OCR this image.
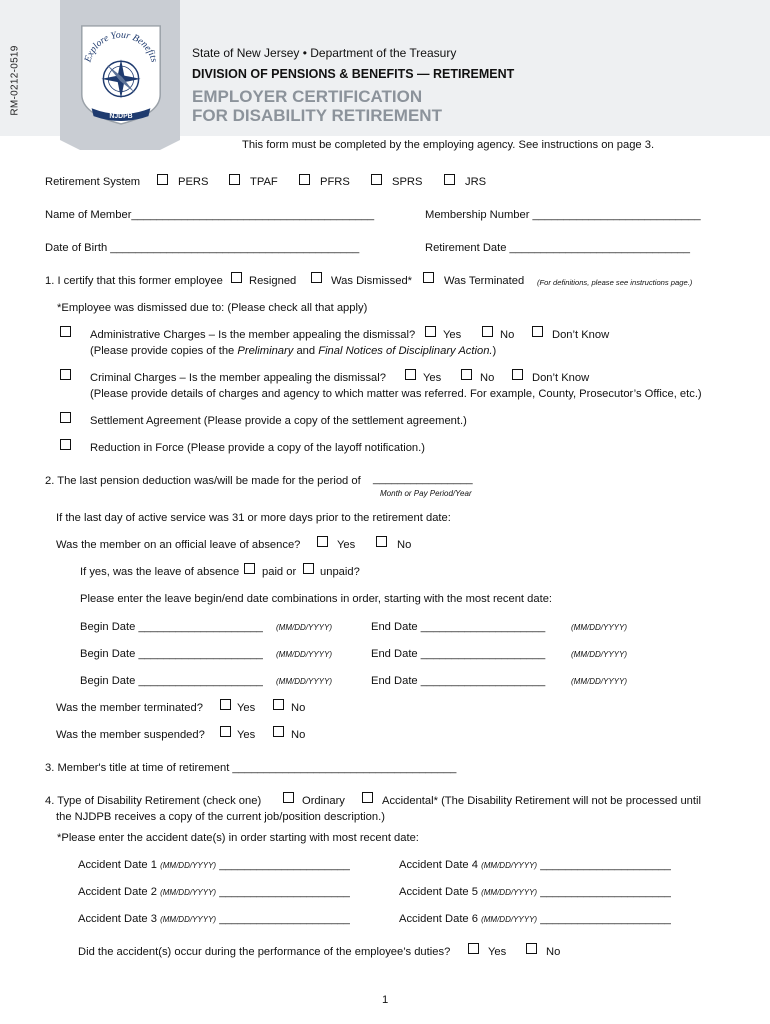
RM-0212-0519	Explore Your Benefits
NJDPB
State of New Jersey • Department of the Treasury
DIVISION OF PENSIONS & BENEFITS — RETIREMENT
EMPLOYER CERTIFICATION
FOR DISABILITY RETIREMENT
This form must be completed by the employing agency. See instructions on page 3.
Retirement System	PERS	TPAF	PFRS	SPRS	JRS
Name of Member_______________________________________	Membership Number ___________________________
Date of Birth ________________________________________	Retirement Date _____________________________
1. I certify that this former employee Resigned	Was Dismissed*	Was Terminated (For definitions, please see instructions page.)
*Employee was dismissed due to: (Please check all that apply)
Administrative Charges – Is the member appealing the dismissal? Yes	No	Don’t Know
(Please provide copies of the Preliminary and Final Notices of Disciplinary Action.)
Criminal Charges – Is the member appealing the dismissal?	Yes	No	Don’t Know
(Please provide details of charges and agency to which matter was referred. For example, County, Prosecutor’s Office, etc.)
Settlement Agreement (Please provide a copy of the settlement agreement.)
Reduction in Force (Please provide a copy of the layoff notification.)
2. The last pension deduction was/will be made for the period of ________________
Month or Pay Period/Year
If the last day of active service was 31 or more days prior to the retirement date:
Was the member on an official leave of absence?	Yes	No
If yes, was the leave of absence paid or unpaid?
Please enter the leave begin/end date combinations in order, starting with the most recent date:
Begin Date ____________________ (MM/DD/YYYY)	End Date ____________________	(MM/DD/YYYY)
Begin Date ____________________ (MM/DD/YYYY)	End Date ____________________	(MM/DD/YYYY)
Begin Date ____________________ (MM/DD/YYYY)	End Date ____________________	(MM/DD/YYYY)
Was the member terminated?	Yes	No
Was the member suspended?	Yes	No
3. Member's title at time of retirement ____________________________________
4. Type of Disability Retirement (check one)	Ordinary	Accidental* (The Disability Retirement will not be processed until
the NJDPB receives a copy of the current job/position description.)
*Please enter the accident date(s) in order starting with most recent date:
Accident Date 1 (MM/DD/YYYY) _____________________
Accident Date 2 (MM/DD/YYYY) _____________________
Accident Date 3 (MM/DD/YYYY) _____________________
Accident Date 4 (MM/DD/YYYY) _____________________
Accident Date 5 (MM/DD/YYYY) _____________________
Accident Date 6 (MM/DD/YYYY) _____________________
Did the accident(s) occur during the performance of the employee’s duties?	Yes	No
1
